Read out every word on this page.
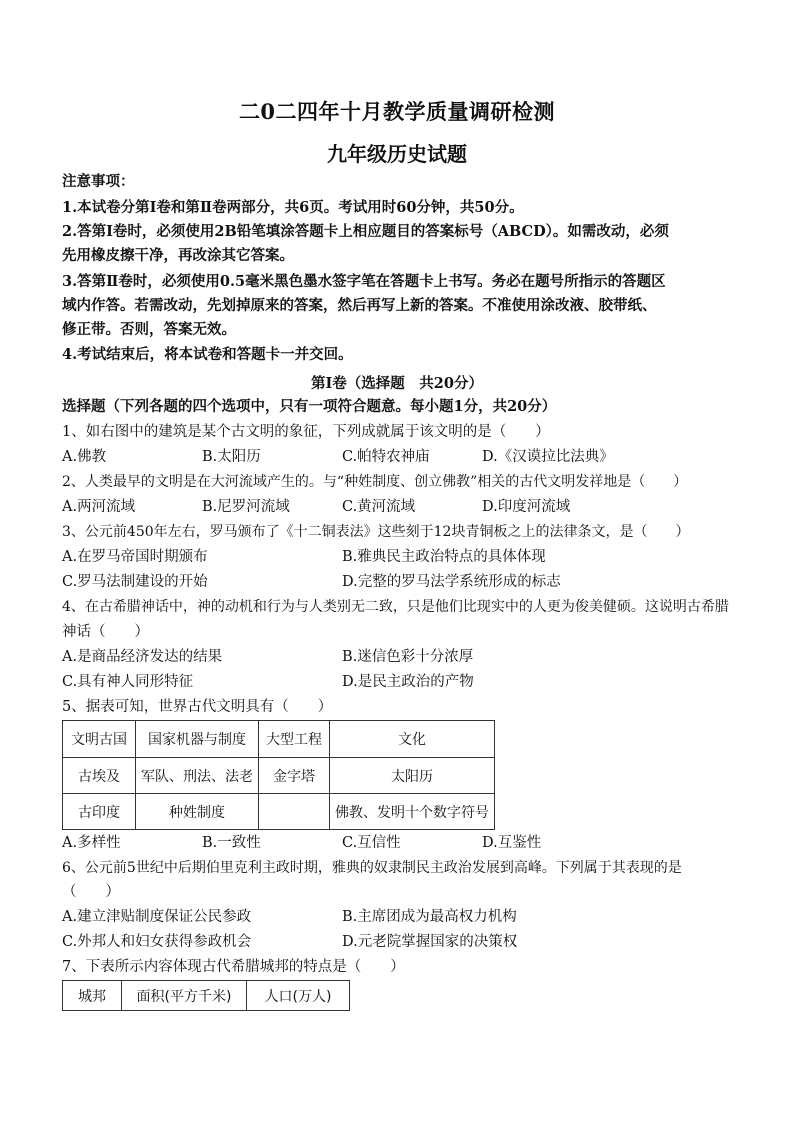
二0二四年十月教学质量调研检测
九年级历史试题
注意事项：
1.本试卷分第Ⅰ卷和第Ⅱ卷两部分，共6页。考试用时60分钟，共50分。
2.答第Ⅰ卷时，必须使用2B铅笔填涂答题卡上相应题目的答案标号（ABCD）。如需改动，必须
先用橡皮擦干净，再改涂其它答案。
3.答第Ⅱ卷时，必须使用0.5毫米黑色墨水签字笔在答题卡上书写。务必在题号所指示的答题区
域内作答。若需改动，先划掉原来的答案，然后再写上新的答案。不准使用涂改液、胶带纸、
修正带。否则，答案无效。
4.考试结束后，将本试卷和答题卡一并交回。
第Ⅰ卷（选择题　共20分）
选择题（下列各题的四个选项中，只有一项符合题意。每小题1分，共20分）
1、如右图中的建筑是某个古文明的象征，下列成就属于该文明的是（　　）
A.佛教	B.太阳历	C.帕特农神庙	D.《汉谟拉比法典》
2、人类最早的文明是在大河流域产生的。与“种姓制度、创立佛教”相关的古代文明发祥地是（　　）
A.两河流域	B.尼罗河流域	C.黄河流域	D.印度河流域
3、公元前450年左右，罗马颁布了《十二铜表法》这些刻于12块青铜板之上的法律条文，是（　　）
A.在罗马帝国时期颁布	B.雅典民主政治特点的具体体现
C.罗马法制建设的开始	D.完整的罗马法学系统形成的标志
4、在古希腊神话中，神的动机和行为与人类别无二致，只是他们比现实中的人更为俊美健硕。这说明古希腊
神话（　　）
A.是商品经济发达的结果	B.迷信色彩十分浓厚
C.具有神人同形特征	D.是民主政治的产物
5、据表可知，世界古代文明具有（　　）
文明古国	国家机器与制度	大型工程	文化
古埃及	军队、刑法、法老	金字塔	太阳历
古印度	种姓制度		佛教、发明十个数字符号
A.多样性	B.一致性	C.互信性	D.互鉴性
6、公元前5世纪中后期伯里克利主政时期，雅典的奴隶制民主政治发展到高峰。下列属于其表现的是
（　　）
A.建立津贴制度保证公民参政	B.主席团成为最高权力机构
C.外邦人和妇女获得参政机会	D.元老院掌握国家的决策权
7、下表所示内容体现古代希腊城邦的特点是（　　）
城邦	面积(平方千米)	人口(万人)
